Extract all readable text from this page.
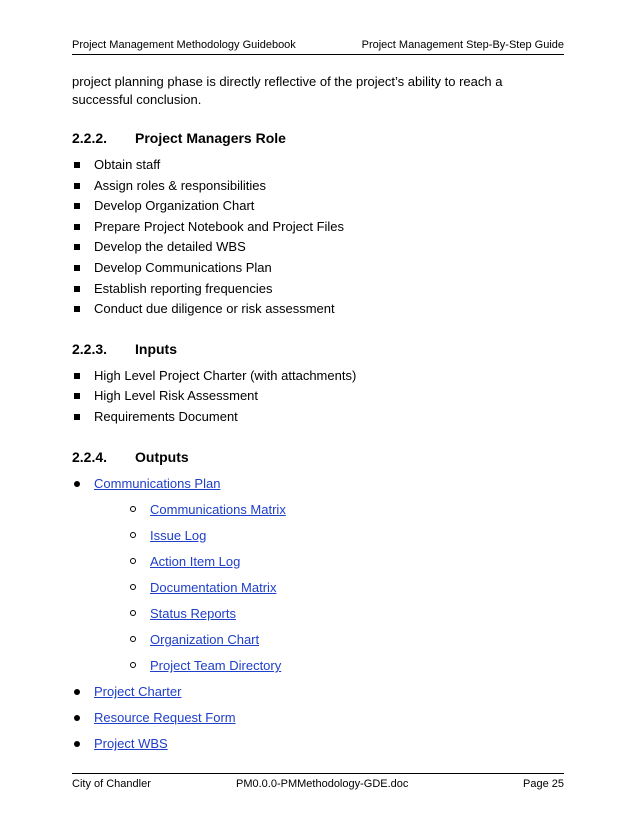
Project Management Methodology Guidebook	Project Management Step-By-Step Guide

project planning phase is directly reflective of the project’s ability to reach a successful conclusion.

2.2.2. Project Managers Role
Obtain staff
Assign roles & responsibilities
Develop Organization Chart
Prepare Project Notebook and Project Files
Develop the detailed WBS
Develop Communications Plan
Establish reporting frequencies
Conduct due diligence or risk assessment
2.2.3. Inputs
High Level Project Charter (with attachments)
High Level Risk Assessment
Requirements Document
2.2.4. Outputs
Communications Plan
Communications Matrix
Issue Log
Action Item Log
Documentation Matrix
Status Reports
Organization Chart
Project Team Directory
Project Charter
Resource Request Form
Project WBS
City of Chandler	PM0.0.0-PMMethodology-GDE.doc	Page 25
